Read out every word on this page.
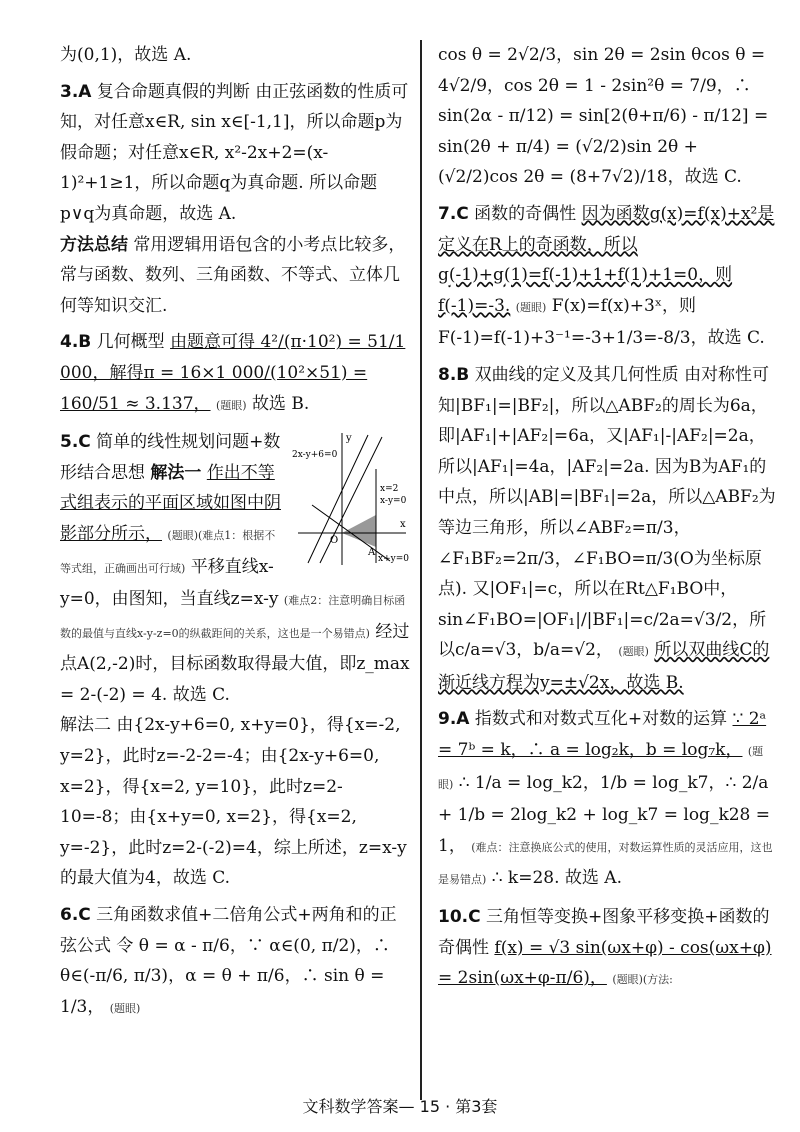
为(0,1)，故选 A.
3.A 复合命题真假的判断 由正弦函数的性质可知，对任意x∈R, sin x∈[-1,1]，所以命题p为假命题；对任意x∈R, x²-2x+2=(x-1)²+1≥1，所以命题q为真命题. 所以命题p∨q为真命题，故选 A.
方法总结 常用逻辑用语包含的小考点比较多，常与函数、数列、三角函数、不等式、立体几何等知识交汇.
4.B 几何概型 由题意可得 4²/(π·10²) = 51/1 000，解得π = 16×1 000/(10²×51) = 160/51 ≈ 3.137， (题眼) 故选 B.
2x-y+6=0
x=2
x-y=0
x+y=0
A
O
x
y
5.C 简单的线性规划问题+数形结合思想 解法一 作出不等式组表示的平面区域如图中阴影部分所示， (题眼)(难点1：根据不等式组，正确画出可行域) 平移直线x-y=0，由图知，当直线z=x-y (难点2：注意明确目标函数的最值与直线x-y-z=0的纵截距间的关系，这也是一个易错点) 经过点A(2,-2)时，目标函数取得最大值，即z_max = 2-(-2) = 4. 故选 C.
解法二 由{2x-y+6=0, x+y=0}，得{x=-2, y=2}，此时z=-2-2=-4；由{2x-y+6=0, x=2}，得{x=2, y=10}，此时z=2-10=-8；由{x+y=0, x=2}，得{x=2, y=-2}，此时z=2-(-2)=4，综上所述，z=x-y的最大值为4，故选 C.
6.C 三角函数求值+二倍角公式+两角和的正弦公式 令 θ = α - π/6，∵ α∈(0, π/2)，∴ θ∈(-π/6, π/3)，α = θ + π/6，∴ sin θ = 1/3， (题眼)
cos θ = 2√2/3，sin 2θ = 2sin θcos θ = 4√2/9，cos 2θ = 1 - 2sin²θ = 7/9，∴ sin(2α - π/12) = sin[2(θ+π/6) - π/12] = sin(2θ + π/4) = (√2/2)sin 2θ + (√2/2)cos 2θ = (8+7√2)/18，故选 C.
7.C 函数的奇偶性 因为函数g(x)=f(x)+x²是定义在R上的奇函数，所以g(-1)+g(1)=f(-1)+1+f(1)+1=0，则f(-1)=-3. (题眼) F(x)=f(x)+3ˣ，则F(-1)=f(-1)+3⁻¹=-3+1/3=-8/3，故选 C.
8.B 双曲线的定义及其几何性质 由对称性可知|BF₁|=|BF₂|，所以△ABF₂的周长为6a，即|AF₁|+|AF₂|=6a，又|AF₁|-|AF₂|=2a，所以|AF₁|=4a，|AF₂|=2a. 因为B为AF₁的中点，所以|AB|=|BF₁|=2a，所以△ABF₂为等边三角形，所以∠ABF₂=π/3，∠F₁BF₂=2π/3，∠F₁BO=π/3(O为坐标原点). 又|OF₁|=c，所以在Rt△F₁BO中，sin∠F₁BO=|OF₁|/|BF₁|=c/2a=√3/2，所以c/a=√3，b/a=√2， (题眼) 所以双曲线C的渐近线方程为y=±√2x，故选 B.
9.A 指数式和对数式互化+对数的运算 ∵ 2ᵃ = 7ᵇ = k，∴ a = log₂k，b = log₇k， (题眼) ∴ 1/a = log_k2，1/b = log_k7，∴ 2/a + 1/b = 2log_k2 + log_k7 = log_k28 = 1， (难点：注意换底公式的使用，对数运算性质的灵活应用，这也是易错点) ∴ k=28. 故选 A.
10.C 三角恒等变换+图象平移变换+函数的奇偶性 f(x) = √3 sin(ωx+φ) - cos(ωx+φ) = 2sin(ωx+φ-π/6)， (题眼)(方法:
文科数学答案— 15 · 第3套
